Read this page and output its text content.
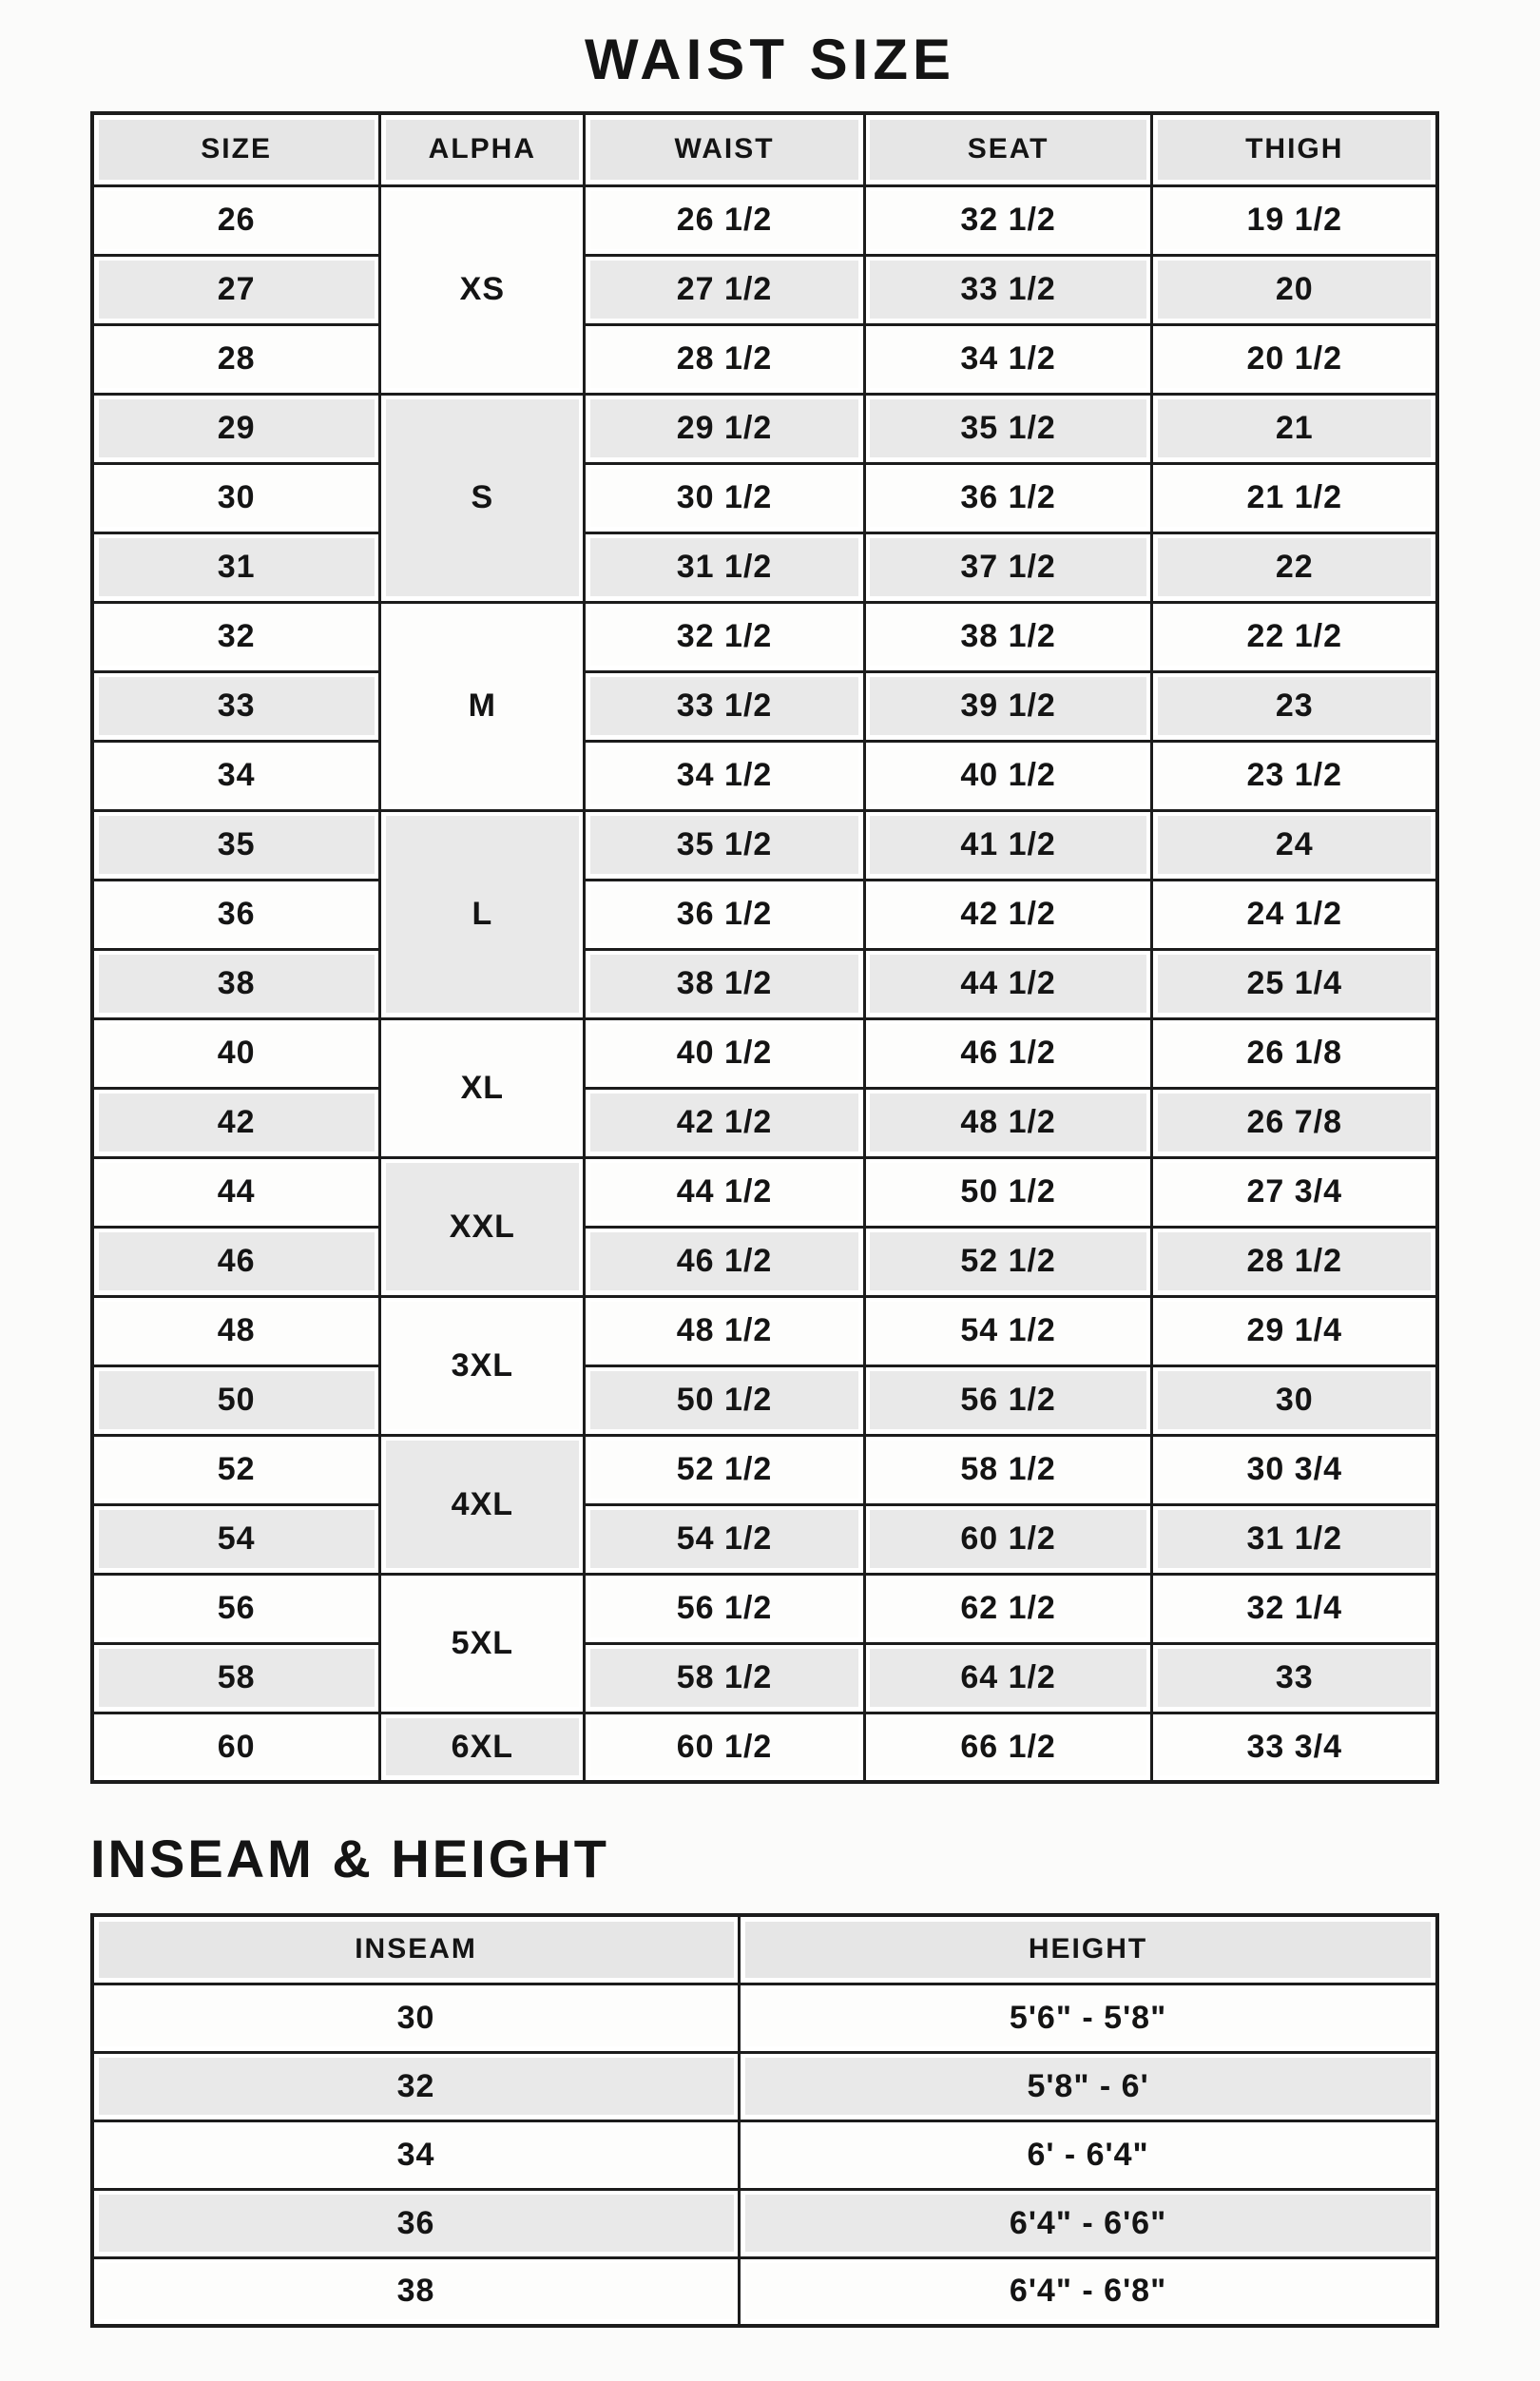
WAIST SIZE
SIZE	ALPHA	WAIST	SEAT	THIGH
26	XS	26 1/2	32 1/2	19 1/2
27		27 1/2	33 1/2	20
28		28 1/2	34 1/2	20 1/2
29	S	29 1/2	35 1/2	21
30		30 1/2	36 1/2	21 1/2
31		31 1/2	37 1/2	22
32	M	32 1/2	38 1/2	22 1/2
33		33 1/2	39 1/2	23
34		34 1/2	40 1/2	23 1/2
35	L	35 1/2	41 1/2	24
36		36 1/2	42 1/2	24 1/2
38		38 1/2	44 1/2	25 1/4
40	XL	40 1/2	46 1/2	26 1/8
42		42 1/2	48 1/2	26 7/8
44	XXL	44 1/2	50 1/2	27 3/4
46		46 1/2	52 1/2	28 1/2
48	3XL	48 1/2	54 1/2	29 1/4
50		50 1/2	56 1/2	30
52	4XL	52 1/2	58 1/2	30 3/4
54		54 1/2	60 1/2	31 1/2
56	5XL	56 1/2	62 1/2	32 1/4
58		58 1/2	64 1/2	33
60	6XL	60 1/2	66 1/2	33 3/4
INSEAM & HEIGHT
INSEAM	HEIGHT
30	5'6" - 5'8"
32	5'8" - 6'
34	6' - 6'4"
36	6'4" - 6'6"
38	6'4" - 6'8"
